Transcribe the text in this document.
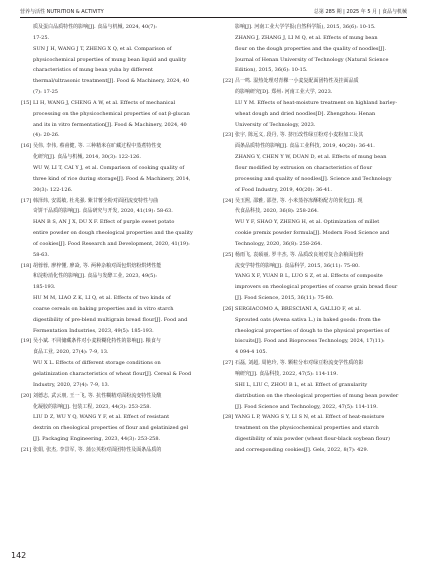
营养与活性 NUTRITION & ACTIVITY	总第 285 期 | 2025 年 5 月 | 食品与机械
质及蛋白品质特性的影响[J]. 食品与机械, 2024, 40(7):
17-25.
SUN J H, WANG J T, ZHENG X Q, et al. Comparison of
physicochemical properties of mung bean liquid and quality
characteristics of mung bean yuba by different
thermal/ultrasonic treatment[J]. Food & Machinery, 2024, 40
(7): 17-25
[15] LI H, WANG J, CHENG A W, et al. Effects of mechanical
processing on the physicochemical properties of oat β-glucan
and its in vitro fermentation[J]. Food & Machinery, 2024, 40
(4): 20-26.
[16] 吴伟, 李伟, 蔡甫健, 等. 三种精米在旷藏过程中蒸煮特性变
化研究[J]. 食品与机械, 2014, 30(3): 122-126.
WU W, LI T, CAI Y J, et al. Comparison of cooking quality of
three kind of rice during storage[J]. Food & Machinery, 2014,
30(3): 122-126.
[17] 韩泽炜, 安霞敏, 杜兆强. 紫甘薯全粉对面团流变特性与曲
奇饼干品质的影响[J]. 食品研究与开发, 2020, 41(19): 58-63.
HAN B S, AN J X, DU X F. Effect of purple sweet potato
entire powder on dough rheological properties and the quality
of cookies[J]. Food Research and Development, 2020, 41(19):
58-63.
[18] 胡蓉蓉, 廖梓懂, 廖焱, 等. 两种杂粮对面包烘焙粉烘烤性能
和淀粉消化性的影响[J]. 食品与发酵工业, 2023, 49(5):
185-193.
HU M M, LIAO Z K, LI Q, et al. Effects of two kinds of
coarse cereals on baking properties and in vitro starch
digestibility of pre-blend multigrain bread flour[J]. Food and
Fermentation Industries, 2023, 49(5): 185-193.
[19] 吴小斌. 不同储藏条件对小麦粉糊化特性的影响[J]. 粮食与
食品工业, 2020, 27(4): 7-9, 13.
WU X L. Effects of different storage conditions on
gelatinization characteristics of wheat flour[J]. Cereal & Food
Industry, 2020, 27(4): 7-9, 13.
[20] 刘德志, 武云朋, 王一飞, 等. 抗性糊精对面粉流变特性及酸
化凝胶的影响[J]. 包装工程, 2023, 44(3): 253-258.
LIU D Z, WU Y Q, WANG Y F, et al. Effect of resistant
dextrin on rheological properties of flour and gelatinized gel
[J]. Packaging Engineering, 2023, 44(3): 253-258.
[21] 张娟, 张杰, 李景军, 等. 蒲公英粉对面团特性及面条品质的
影响[J]. 河南工业大学学报(自然科学版), 2015, 36(6): 10-15.
ZHANG J, ZHANG J, LI M Q, et al. Effects of mung bean
flour on the dough properties and the quality of noodles[J].
Journal of Henan University of Technology (Natural Science
Edition), 2015, 36(6): 10-15.
[22] 吕一鸣. 湿热处理对青稞一小麦复配面团特性及挂面品质
的影响研究[D]. 郑州: 河南工业大学, 2023.
LU Y M. Effects of heat-moisture treatment on highland barley-
wheat dough and dried noodles[D]. Zhengzhou: Henan
University of Technology, 2023.
[23] 张宇, 陈远义, 段丹, 等. 挤压改性绿豆粉对小麦粉加工及其
面条品质特性的影响[J]. 食品工业科技, 2019, 40(20): 36-41.
ZHANG Y, CHEN Y W, DUAN D, et al. Effects of mung bean
flour modified by extrusion on characteristics of flour
processing and quality of noodles[J]. Science and Technology
of Food Industry, 2019, 40(20): 36-41.
[24] 吴玉熙, 邵雅, 邵登, 等. 小米蒸谷冻酥粉配方的优化[J]. 现
代食品科技, 2020, 36(8): 258-264.
WU Y F, SHAO Y, ZHENG H, et al. Optimization of millet
cookie premix powder formula[J]. Modern Food Science and
Technology, 2020, 36(8): 258-264.
[25] 杨雨飞, 袁硕丽, 罗丰杰, 等. 品质改良剂对复合杂粮面包粉
流变学特性的影响[J]. 食品科学, 2015, 36(11): 75-80.
YANG X F, YUAN B L, LUO S Z, et al. Effects of composite
improvers on rheological properties of coarse grain bread flour
[J]. Food Science, 2015, 36(11): 75-80.
[26] SERGIACOMO A, BRESCIANI A, GALLIO F, et al.
Sprouted oats (Avena sativa L.) in baked goods: from the
rheological properties of dough to the physical properties of
biscuits[J]. Food and Bioprocess Technology, 2024, 17(11):
4 094-4 105.
[27] 石磊, 刘超, 周艳玲, 等. 颗粒分布对绿豆粉流变学性质的影
响研究[J]. 食品科技, 2022, 47(5): 114-119.
SHI L, LIU C, ZHOU B L, et al. Effect of granularity
distribution on the rheological properties of mung bean powder
[J]. Food Science and Technology, 2022, 47(5): 114-119.
[28] YANG L P, WANG S Y, LI S N, et al. Effect of heat-moisture
treatment on the physicochemical properties and starch
digestibility of mix powder (wheat flour-black soybean flour)
and corresponding cookies[J]. Gels, 2022, 8(7): 429.
142
